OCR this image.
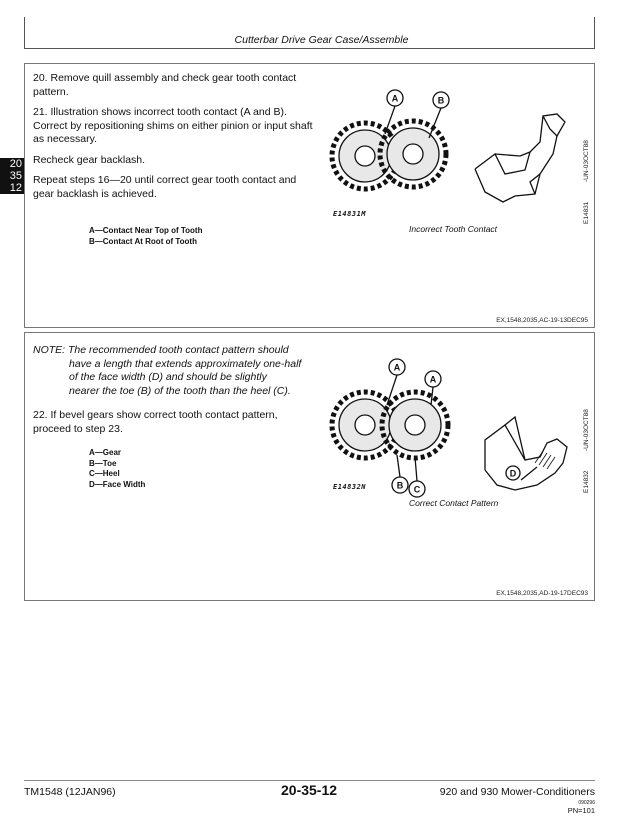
Cutterbar Drive Gear Case/Assemble
20
35
12

20. Remove quill assembly and check gear tooth contact pattern.

21. Illustration shows incorrect tooth contact (A and B). Correct by repositioning shims on either pinion or input shaft as necessary.

Recheck gear backlash.

Repeat steps 16—20 until correct gear tooth contact and gear backlash is achieved.

A—Contact Near Top of Tooth
B—Contact At Root of Tooth
A	B
E14831M
Incorrect Tooth Contact
-UN-03OCT88
E14831
EX,1548,2035,AC-19-13DEC95

NOTE: The recommended tooth contact pattern should

have a length that extends approximately one-half

of the face width (D) and should be slightly

nearer the toe (B) of the tooth than the heel (C).

22. If bevel gears show correct tooth contact pattern, proceed to step 23.
A—Gear
B—Toe
C—Heel
D—Face Width
A
A
B C
D
E14832N
Correct Contact Pattern
-UN-03OCT88
E14832
EX,1548,2035,AD-19-17DEC93
TM1548 (12JAN96)	20-35-12	920 and 930 Mower-Conditioners
090296
PN=101
